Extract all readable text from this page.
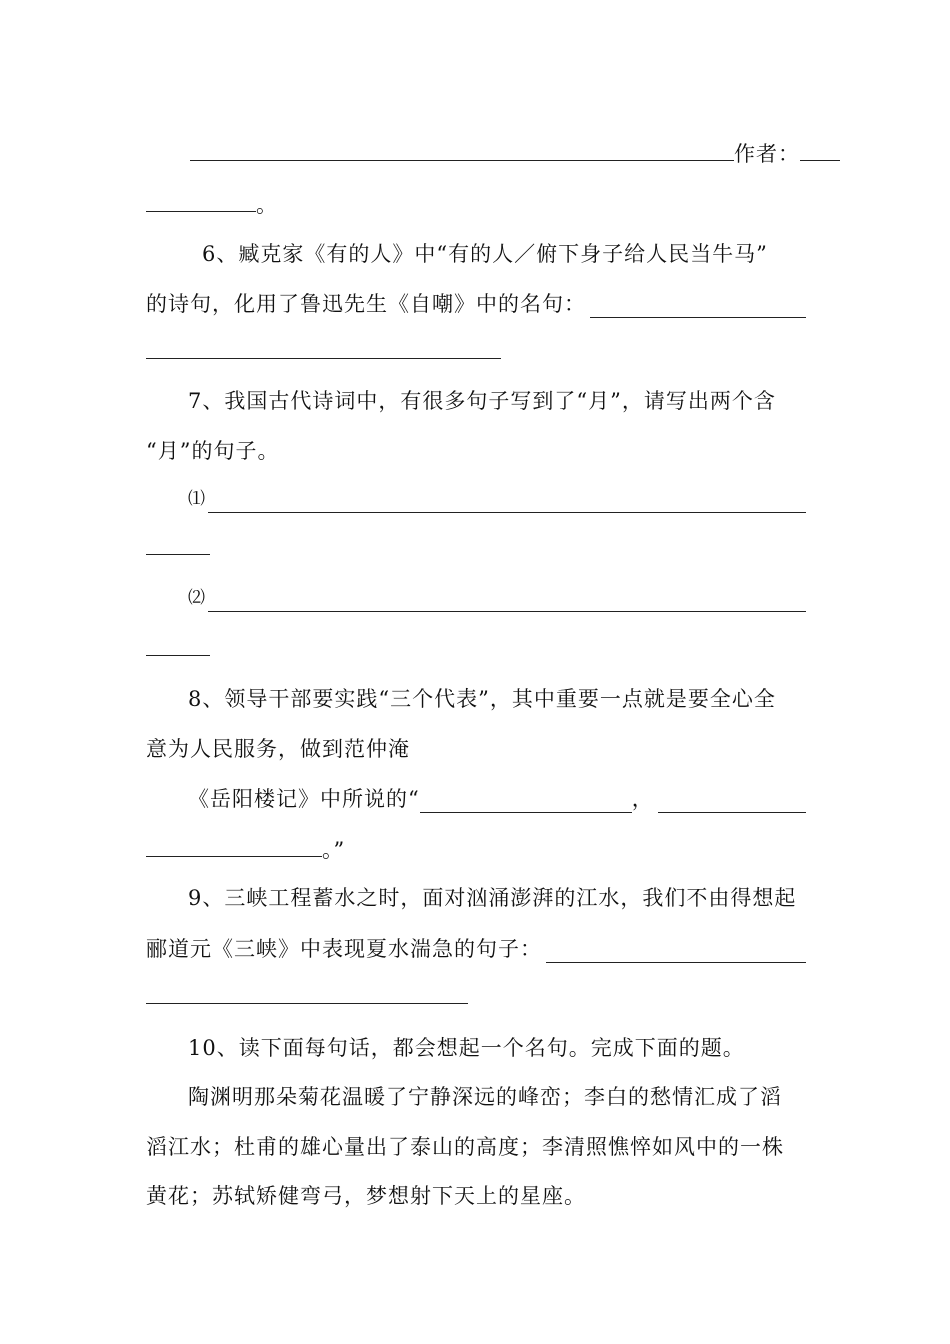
作者：
。
6、臧克家《有的人》中“有的人／俯下身子给人民当牛马”
的诗句，化用了鲁迅先生《自嘲》中的名句：
7、我国古代诗词中，有很多句子写到了“月”，请写出两个含
“月”的句子。
⑴
⑵
8、领导干部要实践“三个代表”，其中重要一点就是要全心全
意为人民服务，做到范仲淹
《岳阳楼记》中所说的“	，
。”
9、三峡工程蓄水之时，面对汹涌澎湃的江水，我们不由得想起
郦道元《三峡》中表现夏水湍急的句子：
10、读下面每句话，都会想起一个名句。完成下面的题。
陶渊明那朵菊花温暖了宁静深远的峰峦；李白的愁情汇成了滔
滔江水；杜甫的雄心量出了泰山的高度；李清照憔悴如风中的一株
黄花；苏轼矫健弯弓，梦想射下天上的星座。
